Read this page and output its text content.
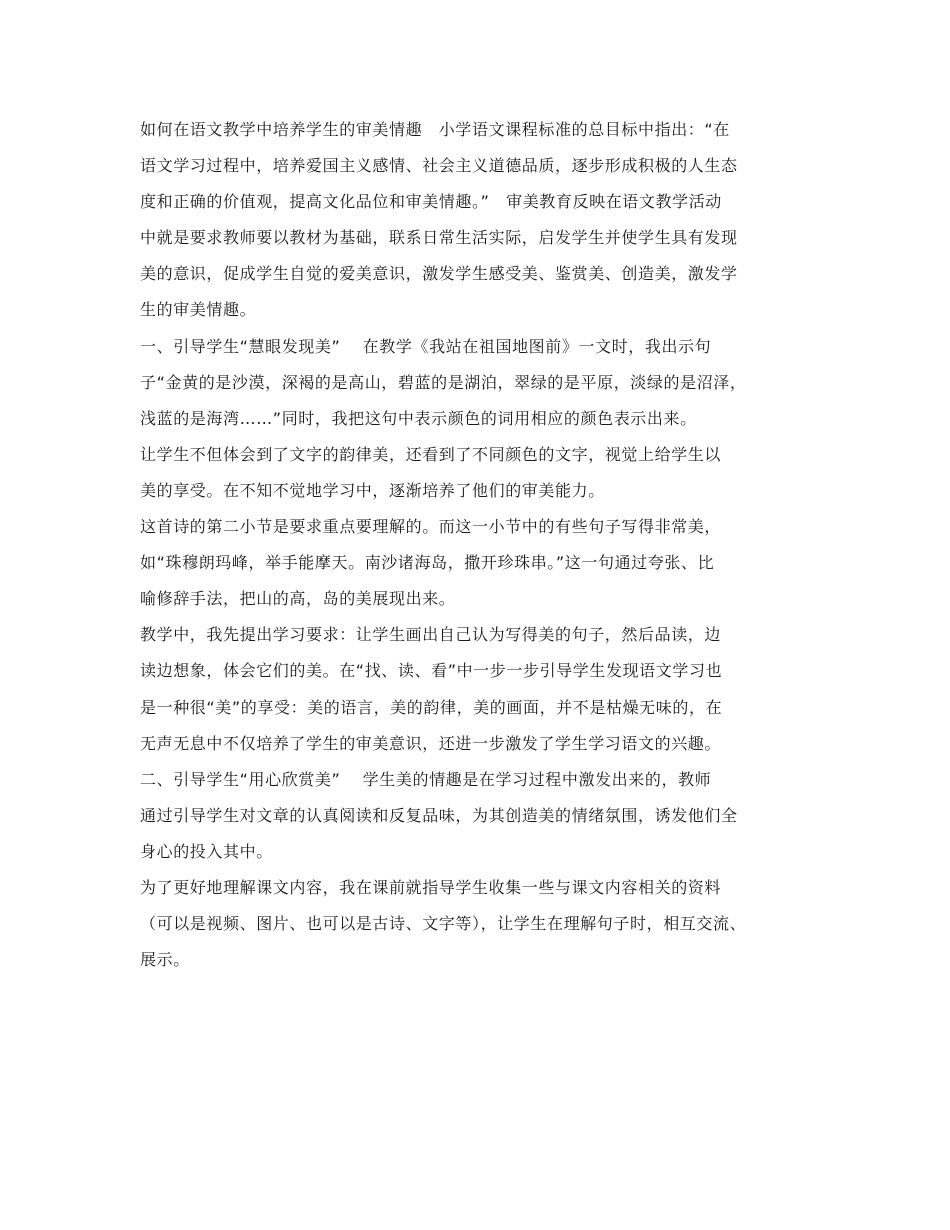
如何在语文教学中培养学生的审美情趣　小学语文课程标准的总目标中指出：“在
语文学习过程中，培养爱国主义感情、社会主义道德品质，逐步形成积极的人生态
度和正确的价值观，提高文化品位和审美情趣。”　审美教育反映在语文教学活动
中就是要求教师要以教材为基础，联系日常生活实际，启发学生并使学生具有发现
美的意识，促成学生自觉的爱美意识，激发学生感受美、鉴赏美、创造美，激发学
生的审美情趣。
一、引导学生“慧眼发现美”　 在教学《我站在祖国地图前》一文时，我出示句
子“金黄的是沙漠，深褐的是高山，碧蓝的是湖泊，翠绿的是平原，淡绿的是沼泽，
浅蓝的是海湾……”同时，我把这句中表示颜色的词用相应的颜色表示出来。
让学生不但体会到了文字的韵律美，还看到了不同颜色的文字，视觉上给学生以
美的享受。在不知不觉地学习中，逐渐培养了他们的审美能力。
这首诗的第二小节是要求重点要理解的。而这一小节中的有些句子写得非常美，
如“珠穆朗玛峰，举手能摩天。南沙诸海岛，撒开珍珠串。”这一句通过夸张、比
喻修辞手法，把山的高，岛的美展现出来。
教学中，我先提出学习要求：让学生画出自己认为写得美的句子，然后品读，边
读边想象，体会它们的美。在“找、读、看”中一步一步引导学生发现语文学习也
是一种很“美”的享受：美的语言，美的韵律，美的画面，并不是枯燥无味的，在
无声无息中不仅培养了学生的审美意识，还进一步激发了学生学习语文的兴趣。
二、引导学生“用心欣赏美”　 学生美的情趣是在学习过程中激发出来的，教师
通过引导学生对文章的认真阅读和反复品味，为其创造美的情绪氛围，诱发他们全
身心的投入其中。
为了更好地理解课文内容，我在课前就指导学生收集一些与课文内容相关的资料
（可以是视频、图片、也可以是古诗、文字等），让学生在理解句子时，相互交流、
展示。
